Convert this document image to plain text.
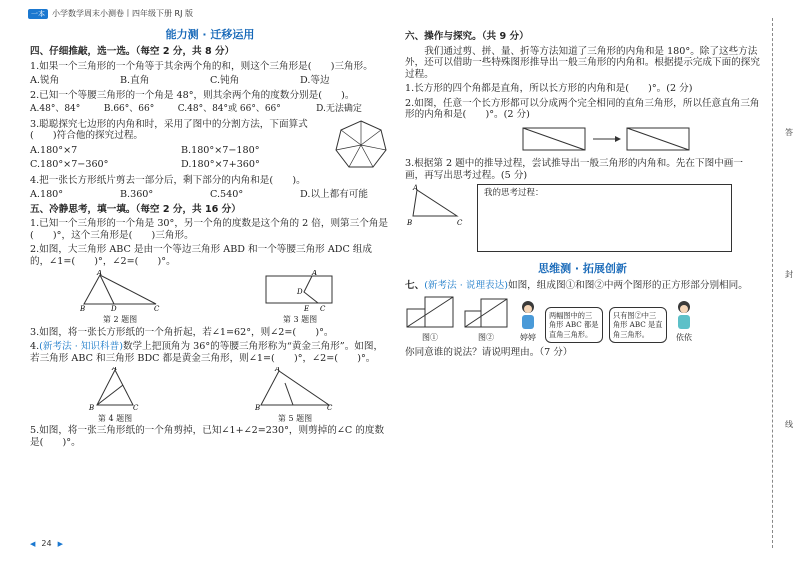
一本 小学数学周末小测卷丨四年级下册 RJ 版
能力测 · 迁移运用
四、仔细推敲，选一选。（每空 2 分，共 8 分）

1.如果一个三角形的一个角等于其余两个角的和，则这个三角形是(　　)三角形。

A.锐角	B.直角	C.钝角	D.等边

2.已知一个等腰三角形的一个角是 48°，则其余两个角的度数分别是(　　)。

A.48°、84°	B.66°、66°	C.48°、84°或 66°、66°	D.无法确定

3.聪聪探究七边形的内角和时，采用了图中的分割方法，下面算式(　　)符合他的探究过程。

A.180°×7	B.180°×7−180°
C.180°×7−360°	D.180°×7+360°

4.把一张长方形纸片剪去一部分后，剩下部分的内角和是(　　)。

A.180°	B.360°	C.540°	D.以上都有可能
五、冷静思考，填一填。（每空 2 分，共 16 分）

1.已知一个三角形的一个角是 30°，另一个角的度数是这个角的 2 倍，则第三个角是(　　)°，这个三角形是(　　)三角形。

2.如图，大三角形 ABC 是由一个等边三角形 ABD 和一个等腰三角形 ADC 组成的，∠1=(　　)°，∠2=(　　)°。

A
B	D	C
第 2 题图
A
D
E C
第 3 题图

3.如图，将一张长方形纸的一个角折起，若∠1=62°，则∠2=(　　)°。

4.(新考法 · 知识科普)数学上把顶角为 36°的等腰三角形称为“黄金三角形”。如图，若三角形 ABC 和三角形 BDC 都是黄金三角形，则∠1=(　　)°，∠2=(　　)°。

A
B	C
第 4 题图
A
B	C
第 5 题图

5.如图，将一张三角形纸的一个角剪掉，已知∠1+∠2=230°，则剪掉的∠C 的度数是(　　)°。

六、操作与探究。（共 9 分）

我们通过剪、拼、量、折等方法知道了三角形的内角和是 180°。除了这些方法外，还可以借助一些特殊图形推导出一般三角形的内角和。根据提示完成下面的探究过程。

1.长方形的四个角都是直角，所以长方形的内角和是(　　)°。(2 分)

2.如图，任意一个长方形都可以分成两个完全相同的直角三角形，所以任意直角三角形的内角和是(　　)°。(2 分)

3.根据第 2 题中的推导过程，尝试推导出一般三角形的内角和。先在下图中画一画，再写出思考过程。(5 分)

A
B	C
我的思考过程：
思维测 · 拓展创新

七、(新考法 · 说理表达)如图，组成图①和图②中两个图形的正方形部分别相同。

图①	图②	婷婷
两幅图中的三角形 ABC 都是直角三角形。
只有图②中三角形 ABC 是直角三角形。	依依

你同意谁的说法？请说明理由。（7 分）

答
封
线
◀ 24 ▶
